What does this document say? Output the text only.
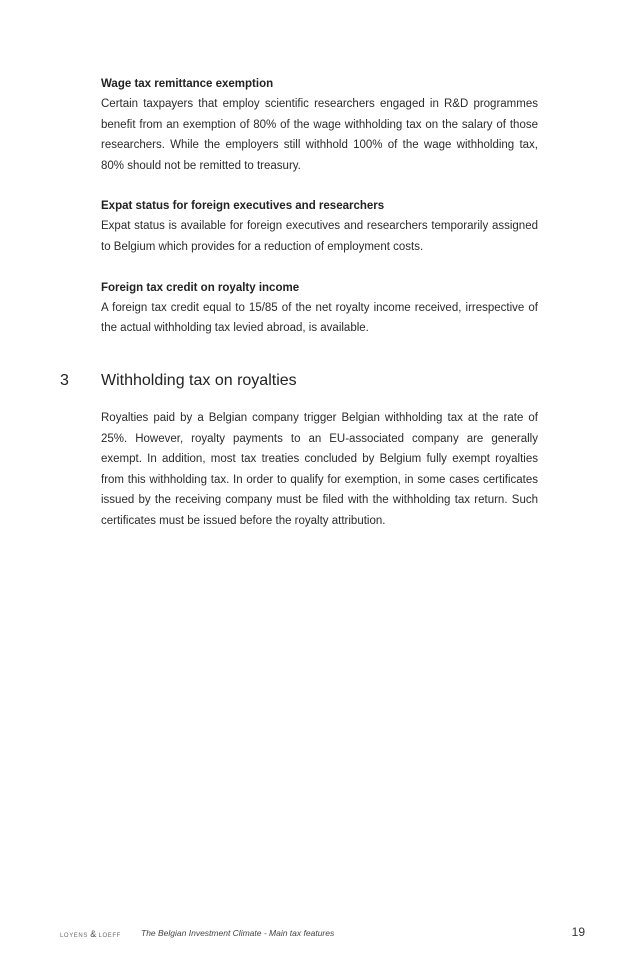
Wage tax remittance exemption

Certain taxpayers that employ scientific researchers engaged in R&D programmes benefit from an exemption of 80% of the wage withholding tax on the salary of those researchers. While the employers still withhold 100% of the wage withholding tax, 80% should not be remitted to treasury.

Expat status for foreign executives and researchers

Expat status is available for foreign executives and researchers temporarily assigned to Belgium which provides for a reduction of employment costs.

Foreign tax credit on royalty income

A foreign tax credit equal to 15/85 of the net royalty income received, irrespective of the actual withholding tax levied abroad, is available.

3 Withholding tax on royalties

Royalties paid by a Belgian company trigger Belgian withholding tax at the rate of 25%. However, royalty payments to an EU-associated company are generally exempt. In addition, most tax treaties concluded by Belgium fully exempt royalties from this withholding tax. In order to qualify for exemption, in some cases certificates issued by the receiving company must be filed with the withholding tax return. Such certificates must be issued before the royalty attribution.

LOYENS & LOEFF The Belgian Investment Climate - Main tax features	19
